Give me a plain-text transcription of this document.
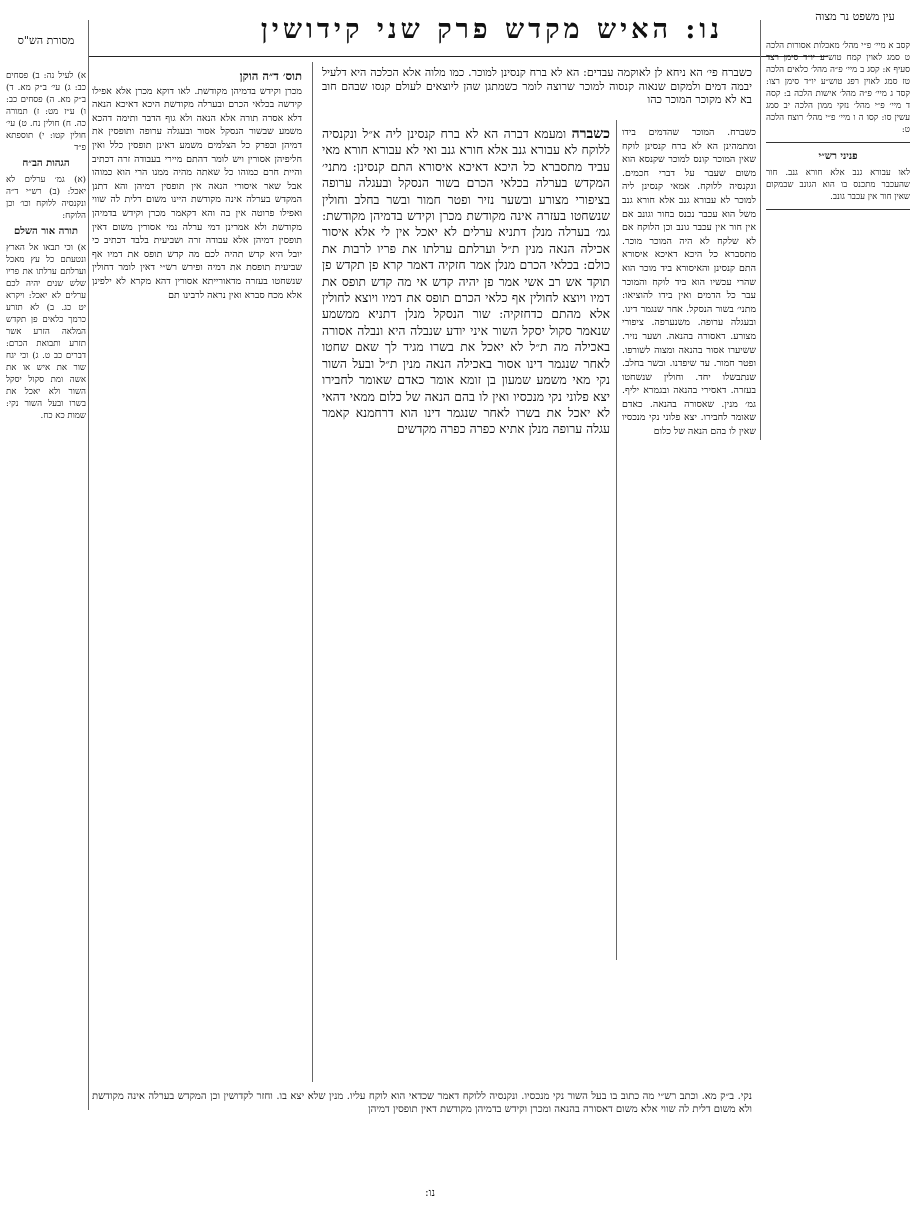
נו: האיש מקדש פרק שני קידושין
מסורת הש"ס
עין משפט נר מצוה

כשברח פי׳ הא ניחא לן לאוקמה עבדים: הא לא ברח קנסינן למוכר. כמו מלוה אלא הכלכה היא דלעיל יבמה דמים ולמקום שנאוה קנסוה למוכר שרוצה לומר כשמתגן שהן ליוצאים לעולם קנסו שבהם חוב בא לא מקוכר המוכר כהו

כשברה ומעמא דברה הא לא ברח קנסינן ליה א״ל ונקנסיה ללוקח לא עבורא גנב אלא חורא גנב ואי לא עבורא חורא מאי עביד מתסברא כל היכא דאיכא איסורא התם קנסינן: מתני׳ המקדש בערלה בכלאי הכרם בשור הנסקל ובעגלה ערופה בציפורי מצורע ובשער נזיר ופטר חמור ובשר בחלב וחולין שנשחטו בעזרה אינה מקודשת מכרן וקידש בדמיהן מקודשת: גמ׳ בערלה מנלן דתניא ערלים לא יאכל אין לי אלא איסור אכילה הנאה מנין ת״ל וערלתם ערלתו את פריו לרבות את כולם: בכלאי הכרם מנלן אמר חזקיה דאמר קרא פן תקדש פן תוקד אש רב אשי אמר פן יהיה קדש אי מה קדש תופס את דמיו ויוצא לחולין אף כלאי הכרם תופס את דמיו ויוצא לחולין אלא מהתם כדחזקיה: שור הנסקל מנלן דתניא ממשמע שנאמר סקול יסקל השור איני יודע שנבלה היא ונבלה אסורה באכילה מה ת״ל לא יאכל את בשרו מגיד לך שאם שחטו לאחר שנגמר דינו אסור באכילה הנאה מנין ת״ל ובעל השור נקי מאי משמע שמעון בן זומא אומר כאדם שאומר לחבירו יצא פלוני נקי מנכסיו ואין לו בהם הנאה של כלום ממאי דהאי לא יאכל את בשרו לאחר שנגמר דינו הוא דרחמנא קאמר עגלה ערופה מנלן אתיא כפרה כפרה מקדשים
תוס׳ ד״ה הוקן

מכרן וקידש בדמיהן מקודשת. לאו דוקא מכרן אלא אפילו קידשה בכלאי הכרם ובערלה מקודשת היכא דאיכא הנאה דלא אסרה תורה אלא הנאה ולא גוף הדבר ותימה דהכא משמע שבשור הנסקל אסור ובעגלה ערופה ותופסין את דמיהן ובפרק כל הצלמים משמע דאינן תופסין כלל ואין חליפיהן אסורין ויש לומר דהתם מיירי בעבודה זרה דכתיב והיית חרם כמוהו כל שאתה מהיה ממנו הרי הוא כמוהו אבל שאר איסורי הנאה אין תופסין דמיהן והא דתנן המקדש בערלה אינה מקודשת היינו משום דלית לה שווי ואפילו פרוטה אין בה והא דקאמר מכרן וקידש בדמיהן מקודשת ולא אמרינן דמי ערלה נמי אסורין משום דאין תופסין דמיהן אלא עבודה זרה ושביעית בלבד דכתיב כי יובל היא קדש תהיה לכם מה קדש תופס את דמיו אף שביעית תופסת את דמיה ופירש רש״י דאין לומר דחולין שנשחטו בעזרה מדאורייתא אסורין דהא מקרא לא ילפינן אלא מכח סברא ואין נראה לרבינו תם

כשברח. המוכר שהדמים בידו ומתמהינן הא לא ברח קנסינן לוקח שאין המוכר קונס למוכר שקנסא הוא משום שעבר על דברי חכמים. ונקנסיה ללוקח. אמאי קנסינן ליה למוכר לא עבורא גנב אלא חורא גנב משל הוא עכבר נכנס בחור וגונב אם אין חור אין עכבר גונב וכן הלוקח אם לא שלקח לא היה המוכר מוכר. מתסברא כל היכא דאיכא איסורא התם קנסינן והאיסורא ביד מוכר הוא שהרי עכשיו הוא ביד לוקח והמוכר עבר כל הדמים ואין בידו להוציאו: מתני׳ בשור הנסקל. אחר שנגמר דינו. ובעגלה ערופה. משנערפה. ציפורי מצורע. דאסורה בהנאה. ושער נזיר. ששיערו אסור בהנאה ומצוה לשורפו. ופטר חמור. עד שיפדנו. ובשר בחלב. שנתבשלו יחד. וחולין שנשחטו בעזרה. דאסירי בהנאה ובגמרא יליף. גמ׳ מנין. שאסורה בהנאה. כאדם שאומר לחבירו. יצא פלוני נקי מנכסיו שאין לו בהם הנאה של כלום

קסב א מיי׳ פ״י מהל׳ מאכלות אסורות הלכה ט סמג לאוין קמח טוש״ע יו״ד סימן רצד סעיף א: קסג ב מיי׳ פ״ה מהל׳ כלאים הלכה טז סמג לאוין רפג טוש״ע יו״ד סימן רצו: קסד ג מיי׳ פ״ה מהל׳ אישות הלכה ב: קסה ד מיי׳ פ״י מהל׳ נזקי ממון הלכה יב סמג עשין סו: קסו ה ו מיי׳ פ״י מהל׳ רוצח הלכה ט:

פניני רש״י

לאו עבורא גנב אלא חורא גנב. חור שהעכבר מתכנס בו הוא הגונב שבמקום שאין חור אין עכבר גונב.

א) לעיל נה: ב) פסחים כב: ג) עי׳ ב״ק מא. ד) ב״ק מא. ה) פסחים כב: ו) ע״ז מט: ז) תמורה כה. ח) חולין נח. ט) עי׳ חולין קטו: י) תוספתא פ״ד

הגהות הב״ח

(א) גמ׳ ערלים לא יאכל: (ב) רש״י ד״ה ונקנסיה ללוקח וכו׳ וכן הלוקח:

תורה אור השלם

א) וכי תבאו אל הארץ ונטעתם כל עץ מאכל וערלתם ערלתו את פריו שלש שנים יהיה לכם ערלים לא יאכל: ויקרא יט כג. ב) לא תזרע כרמך כלאים פן תקדש המלאה הזרע אשר תזרע ותבואת הכרם: דברים כב ט. ג) וכי יגח שור את איש או את אשה ומת סקול יסקל השור ולא יאכל את בשרו ובעל השור נקי: שמות כא כח.

נקי. ב״ק מא. וכתב רש״י מה כתוב בו בעל השור נקי מנכסיו. ונקנסיה ללוקח דאמר שכדאי הוא לוקח עליו. מנין שלא יצא בו. וחזר לקדושין וכן המקדש בערלה אינה מקודשת ולא משום דלית לה שווי אלא משום דאסורה בהנאה ומכרן וקידש בדמיהן מקודשת דאין תופסין דמיהן

נו:
